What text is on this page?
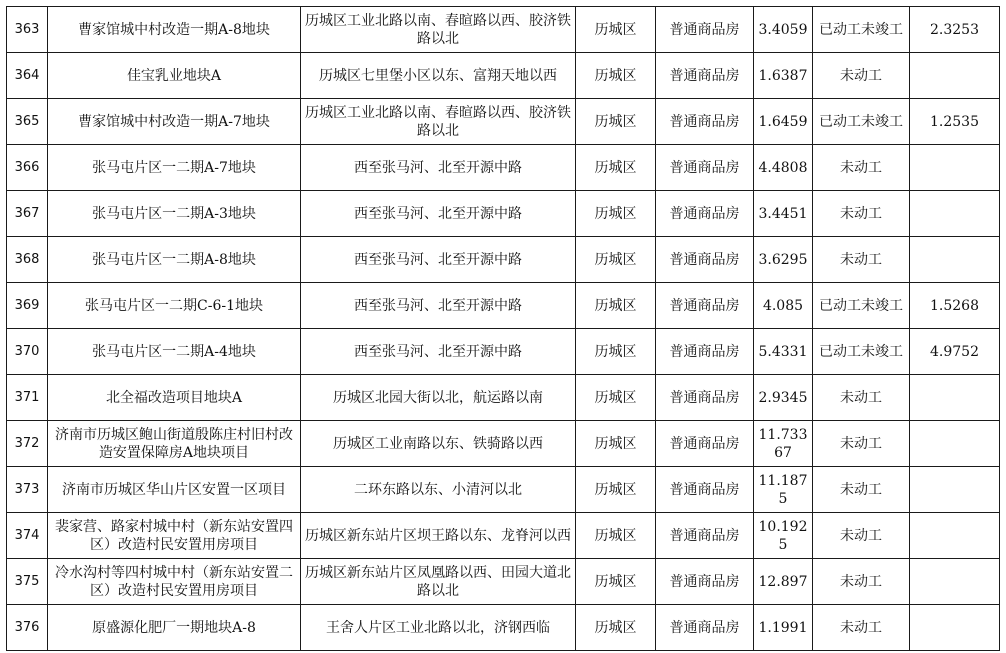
363	曹家馆城中村改造一期A-8地块	历城区工业北路以南、春暄路以西、胶济铁路以北	历城区	普通商品房	3.4059	已动工未竣工	2.3253
364	佳宝乳业地块A	历城区七里堡小区以东、富翔天地以西	历城区	普通商品房	1.6387	未动工	
365	曹家馆城中村改造一期A-7地块	历城区工业北路以南、春暄路以西、胶济铁路以北	历城区	普通商品房	1.6459	已动工未竣工	1.2535
366	张马屯片区一二期A-7地块	西至张马河、北至开源中路	历城区	普通商品房	4.4808	未动工	
367	张马屯片区一二期A-3地块	西至张马河、北至开源中路	历城区	普通商品房	3.4451	未动工	
368	张马屯片区一二期A-8地块	西至张马河、北至开源中路	历城区	普通商品房	3.6295	未动工	
369	张马屯片区一二期C-6-1地块	西至张马河、北至开源中路	历城区	普通商品房	4.085	已动工未竣工	1.5268
370	张马屯片区一二期A-4地块	西至张马河、北至开源中路	历城区	普通商品房	5.4331	已动工未竣工	4.9752
371	北全福改造项目地块A	历城区北园大街以北，航运路以南	历城区	普通商品房	2.9345	未动工	
372	济南市历城区鲍山街道殷陈庄村旧村改造安置保障房A地块项目	历城区工业南路以东、铁骑路以西	历城区	普通商品房	11.73367	未动工	
373	济南市历城区华山片区安置一区项目	二环东路以东、小清河以北	历城区	普通商品房	11.1875	未动工	
374	裴家营、路家村城中村（新东站安置四区）改造村民安置用房项目	历城区新东站片区坝王路以东、龙脊河以西	历城区	普通商品房	10.1925	未动工	
375	冷水沟村等四村城中村（新东站安置二区）改造村民安置用房项目	历城区新东站片区凤凰路以西、田园大道北路以北	历城区	普通商品房	12.897	未动工	
376	原盛源化肥厂一期地块A-8	王舍人片区工业北路以北，济钢西临	历城区	普通商品房	1.1991	未动工	
